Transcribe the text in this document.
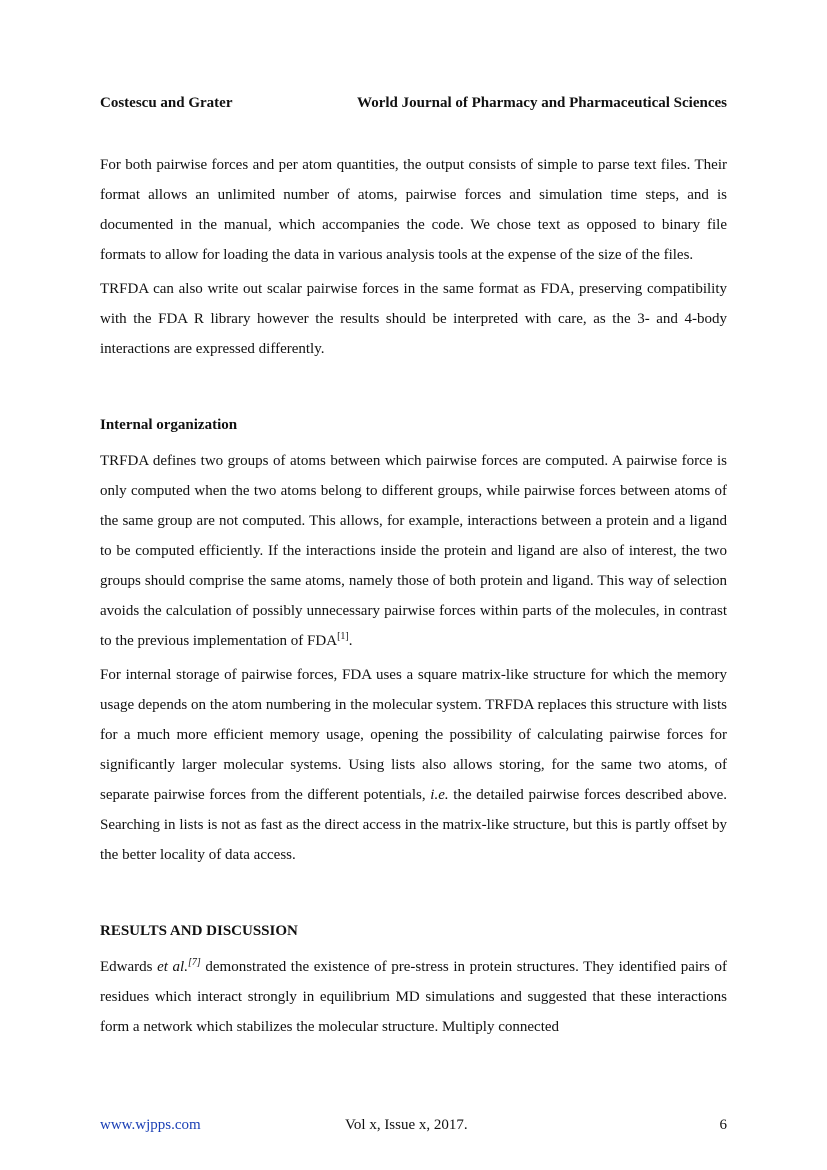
Costescu and Grater	World Journal of Pharmacy and Pharmaceutical Sciences

For both pairwise forces and per atom quantities, the output consists of simple to parse text files. Their format allows an unlimited number of atoms, pairwise forces and simulation time steps, and is documented in the manual, which accompanies the code. We chose text as opposed to binary file formats to allow for loading the data in various analysis tools at the expense of the size of the files.

TRFDA can also write out scalar pairwise forces in the same format as FDA, preserving compatibility with the FDA R library however the results should be interpreted with care, as the 3- and 4-body interactions are expressed differently.

Internal organization

TRFDA defines two groups of atoms between which pairwise forces are computed. A pairwise force is only computed when the two atoms belong to different groups, while pairwise forces between atoms of the same group are not computed. This allows, for example, interactions between a protein and a ligand to be computed efficiently. If the interactions inside the protein and ligand are also of interest, the two groups should comprise the same atoms, namely those of both protein and ligand. This way of selection avoids the calculation of possibly unnecessary pairwise forces within parts of the molecules, in contrast to the previous implementation of FDA[1].

For internal storage of pairwise forces, FDA uses a square matrix-like structure for which the memory usage depends on the atom numbering in the molecular system. TRFDA replaces this structure with lists for a much more efficient memory usage, opening the possibility of calculating pairwise forces for significantly larger molecular systems. Using lists also allows storing, for the same two atoms, of separate pairwise forces from the different potentials, i.e. the detailed pairwise forces described above. Searching in lists is not as fast as the direct access in the matrix-like structure, but this is partly offset by the better locality of data access.

RESULTS AND DISCUSSION

Edwards et al.[7] demonstrated the existence of pre-stress in protein structures. They identified pairs of residues which interact strongly in equilibrium MD simulations and suggested that these interactions form a network which stabilizes the molecular structure. Multiply connected

www.wjpps.com	Vol x, Issue x, 2017.	6
